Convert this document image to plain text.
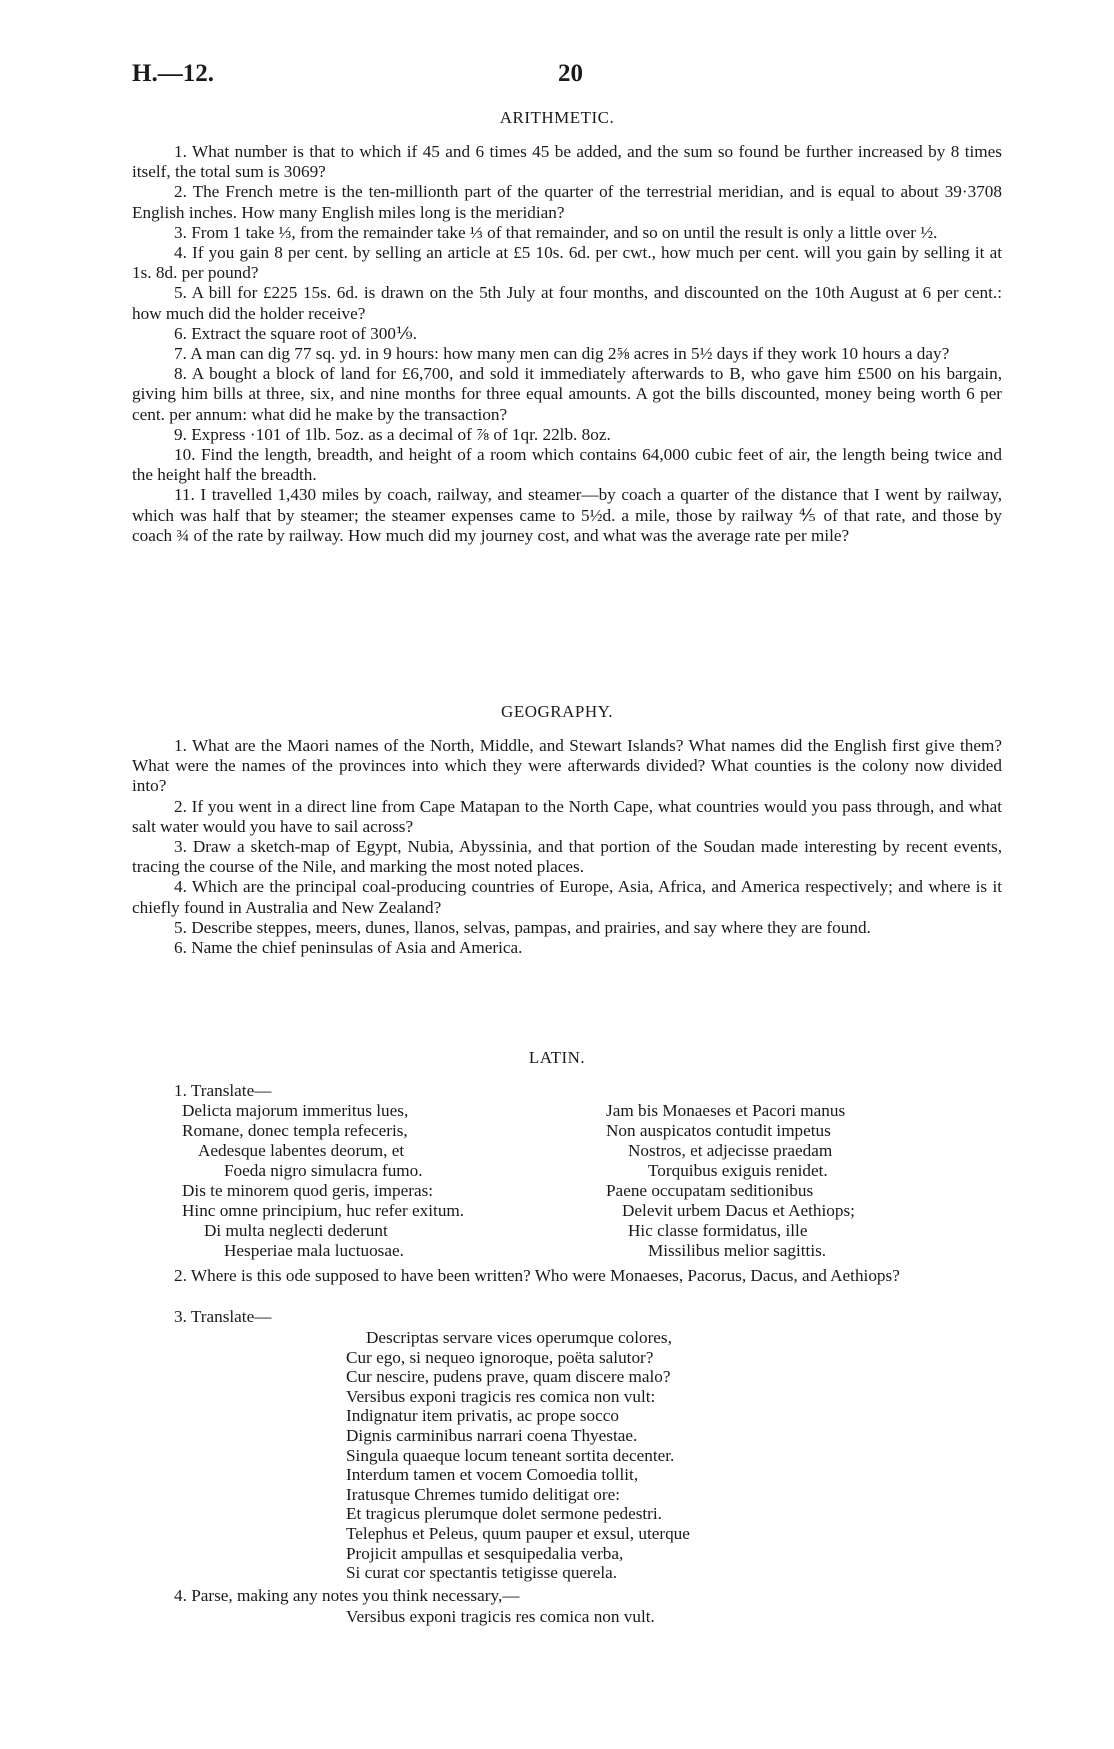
H.—12.	20
ARITHMETIC.

1. What number is that to which if 45 and 6 times 45 be added, and the sum so found be further increased by 8 times itself, the total sum is 3069?

2. The French metre is the ten-millionth part of the quarter of the terrestrial meridian, and is equal to about 39·3708 English inches. How many English miles long is the meridian?

3. From 1 take ⅓, from the remainder take ⅓ of that remainder, and so on until the result is only a little over ½.

4. If you gain 8 per cent. by selling an article at £5 10s. 6d. per cwt., how much per cent. will you gain by selling it at 1s. 8d. per pound?

5. A bill for £225 15s. 6d. is drawn on the 5th July at four months, and discounted on the 10th August at 6 per cent.: how much did the holder receive?

6. Extract the square root of 300⅑.

7. A man can dig 77 sq. yd. in 9 hours: how many men can dig 2⅝ acres in 5½ days if they work 10 hours a day?

8. A bought a block of land for £6,700, and sold it immediately afterwards to B, who gave him £500 on his bargain, giving him bills at three, six, and nine months for three equal amounts. A got the bills discounted, money being worth 6 per cent. per annum: what did he make by the transaction?

9. Express ·101 of 1lb. 5oz. as a decimal of ⅞ of 1qr. 22lb. 8oz.

10. Find the length, breadth, and height of a room which contains 64,000 cubic feet of air, the length being twice and the height half the breadth.

11. I travelled 1,430 miles by coach, railway, and steamer—by coach a quarter of the distance that I went by railway, which was half that by steamer; the steamer expenses came to 5½d. a mile, those by railway ⅘ of that rate, and those by coach ¾ of the rate by railway. How much did my journey cost, and what was the average rate per mile?

GEOGRAPHY.

1. What are the Maori names of the North, Middle, and Stewart Islands? What names did the English first give them? What were the names of the provinces into which they were afterwards divided? What counties is the colony now divided into?

2. If you went in a direct line from Cape Matapan to the North Cape, what countries would you pass through, and what salt water would you have to sail across?

3. Draw a sketch-map of Egypt, Nubia, Abyssinia, and that portion of the Soudan made interesting by recent events, tracing the course of the Nile, and marking the most noted places.

4. Which are the principal coal-producing countries of Europe, Asia, Africa, and America respectively; and where is it chiefly found in Australia and New Zealand?

5. Describe steppes, meers, dunes, llanos, selvas, pampas, and prairies, and say where they are found.

6. Name the chief peninsulas of Asia and America.

LATIN.
1. Translate—
Delicta majorum immeritus lues,
Romane, donec templa refeceris,
Aedesque labentes deorum, et
Foeda nigro simulacra fumo.
Dis te minorem quod geris, imperas:
Hinc omne principium, huc refer exitum.
Di multa neglecti dederunt
Hesperiae mala luctuosae.
Jam bis Monaeses et Pacori manus
Non auspicatos contudit impetus
Nostros, et adjecisse praedam
Torquibus exiguis renidet.
Paene occupatam seditionibus
Delevit urbem Dacus et Aethiops;
Hic classe formidatus, ille
Missilibus melior sagittis.

2. Where is this ode supposed to have been written? Who were Monaeses, Pacorus, Dacus, and Aethiops?

3. Translate—
Descriptas servare vices operumque colores,
Cur ego, si nequeo ignoroque, poëta salutor?
Cur nescire, pudens prave, quam discere malo?
Versibus exponi tragicis res comica non vult:
Indignatur item privatis, ac prope socco
Dignis carminibus narrari coena Thyestae.
Singula quaeque locum teneant sortita decenter.
Interdum tamen et vocem Comoedia tollit,
Iratusque Chremes tumido delitigat ore:
Et tragicus plerumque dolet sermone pedestri.
Telephus et Peleus, quum pauper et exsul, uterque
Projicit ampullas et sesquipedalia verba,
Si curat cor spectantis tetigisse querela.
4. Parse, making any notes you think necessary,—
Versibus exponi tragicis res comica non vult.
